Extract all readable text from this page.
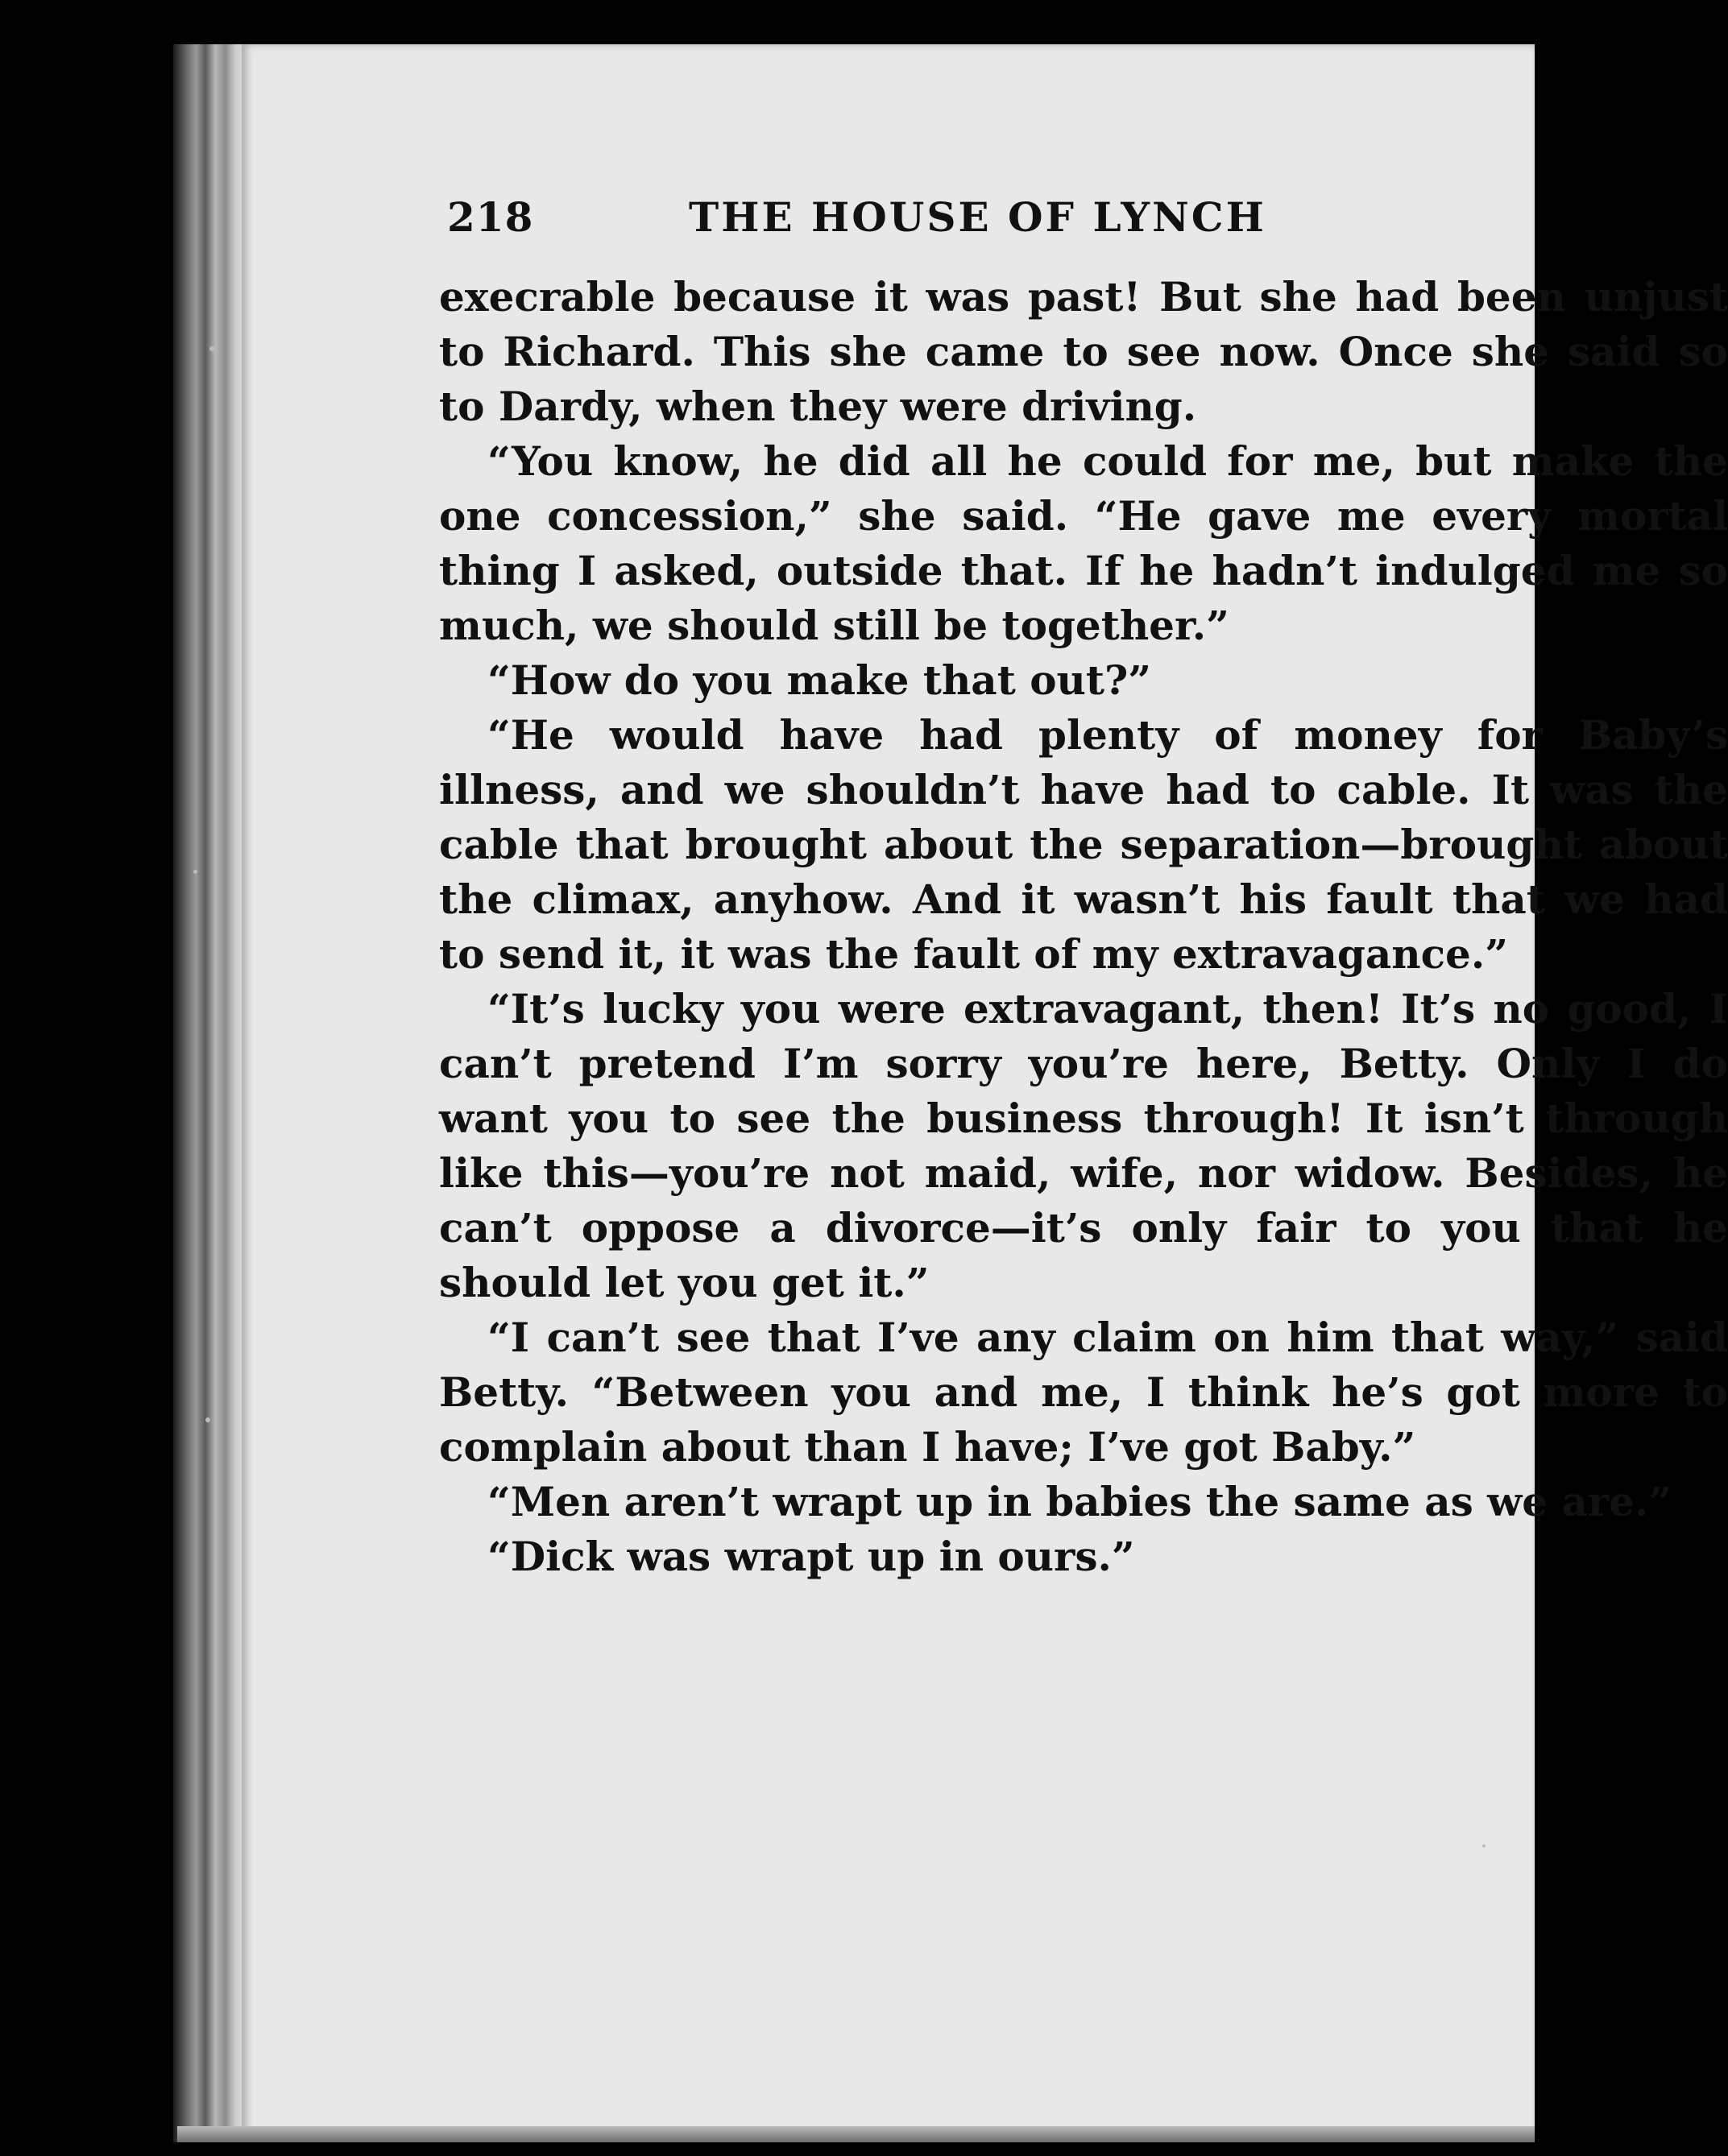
218	THE HOUSE OF LYNCH

execrable because it was past! But she had been unjust to Richard. This she came to see now. Once she said so to Dardy, when they were driving.

“You know, he did all he could for me, but make the one concession,” she said. “He gave me every mortal thing I asked, outside that. If he hadn’t indulged me so much, we should still be together.”

“How do you make that out?”

“He would have had plenty of money for Baby’s illness, and we shouldn’t have had to cable. It was the cable that brought about the separation—brought about the climax, anyhow. And it wasn’t his fault that we had to send it, it was the fault of my extravagance.”

“It’s lucky you were extravagant, then! It’s no good, I can’t pretend I’m sorry you’re here, Betty. Only I do want you to see the business through! It isn’t through like this—you’re not maid, wife, nor widow. Besides, he can’t oppose a divorce—it’s only fair to you that he should let you get it.”

“I can’t see that I’ve any claim on him that way,” said Betty. “Between you and me, I think he’s got more to complain about than I have; I’ve got Baby.”

“Men aren’t wrapt up in babies the same as we are.”

“Dick was wrapt up in ours.”
